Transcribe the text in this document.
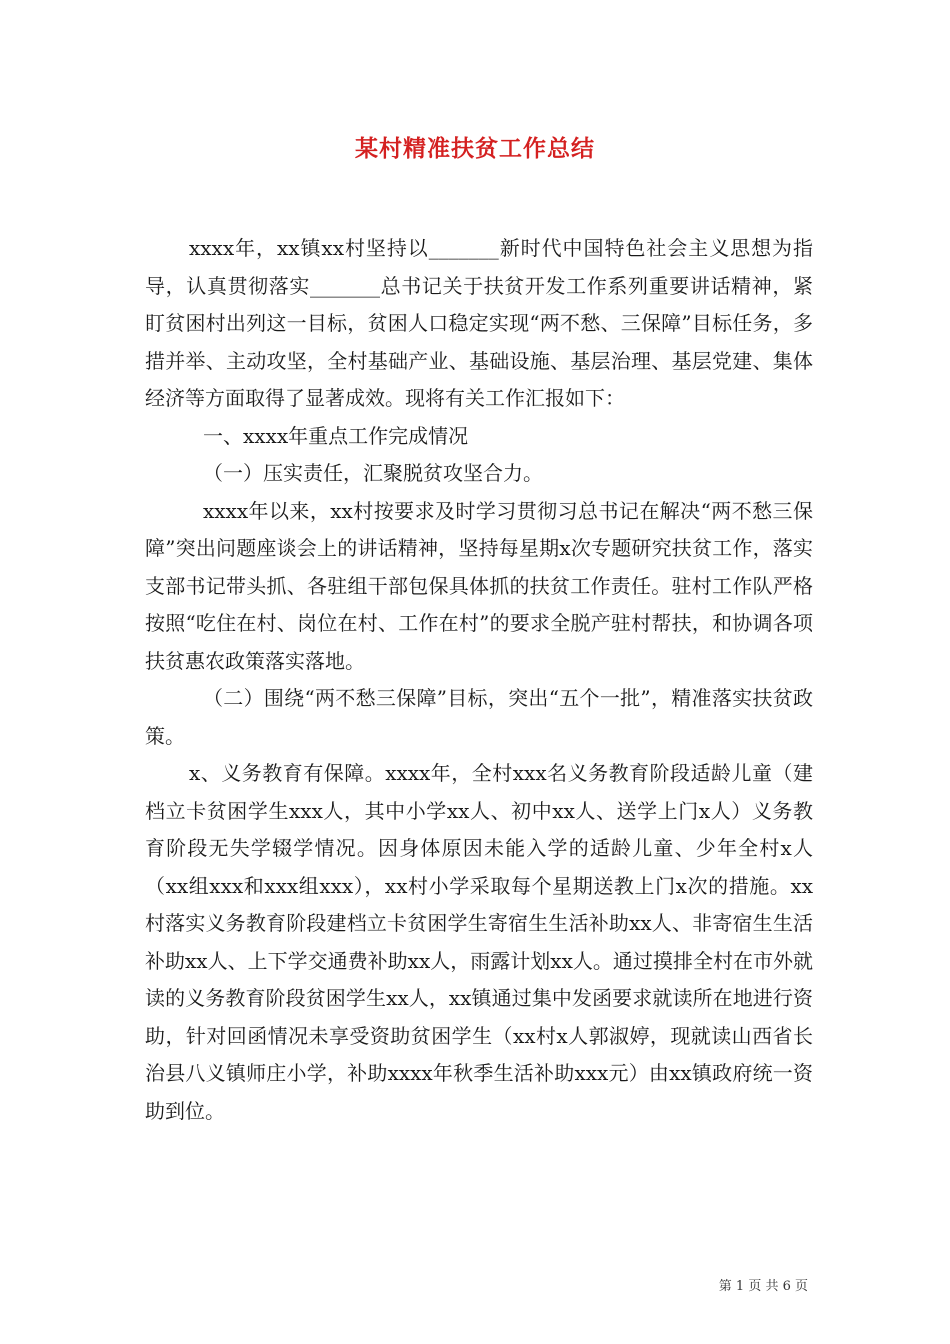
某村精准扶贫工作总结

xxxx年，xx镇xx村坚持以_______新时代中国特色社会主义思想为指导，认真贯彻落实_______总书记关于扶贫开发工作系列重要讲话精神，紧盯贫困村出列这一目标，贫困人口稳定实现“两不愁、三保障”目标任务，多措并举、主动攻坚，全村基础产业、基础设施、基层治理、基层党建、集体经济等方面取得了显著成效。现将有关工作汇报如下：

一、xxxx年重点工作完成情况

（一）压实责任，汇聚脱贫攻坚合力。

xxxx年以来，xx村按要求及时学习贯彻习总书记在解决“两不愁三保障”突出问题座谈会上的讲话精神，坚持每星期x次专题研究扶贫工作，落实支部书记带头抓、各驻组干部包保具体抓的扶贫工作责任。驻村工作队严格按照“吃住在村、岗位在村、工作在村”的要求全脱产驻村帮扶，和协调各项扶贫惠农政策落实落地。

（二）围绕“两不愁三保障”目标，突出“五个一批”，精准落实扶贫政策。

x、义务教育有保障。xxxx年，全村xxx名义务教育阶段适龄儿童（建档立卡贫困学生xxx人，其中小学xx人、初中xx人、送学上门x人）义务教育阶段无失学辍学情况。因身体原因未能入学的适龄儿童、少年全村x人（xx组xxx和xxx组xxx），xx村小学采取每个星期送教上门x次的措施。xx村落实义务教育阶段建档立卡贫困学生寄宿生生活补助xx人、非寄宿生生活补助xx人、上下学交通费补助xx人，雨露计划xx人。通过摸排全村在市外就读的义务教育阶段贫困学生xx人，xx镇通过集中发函要求就读所在地进行资助，针对回函情况未享受资助贫困学生（xx村x人郭淑婷，现就读山西省长治县八义镇师庄小学，补助xxxx年秋季生活补助xxx元）由xx镇政府统一资助到位。

第 1 页 共 6 页
